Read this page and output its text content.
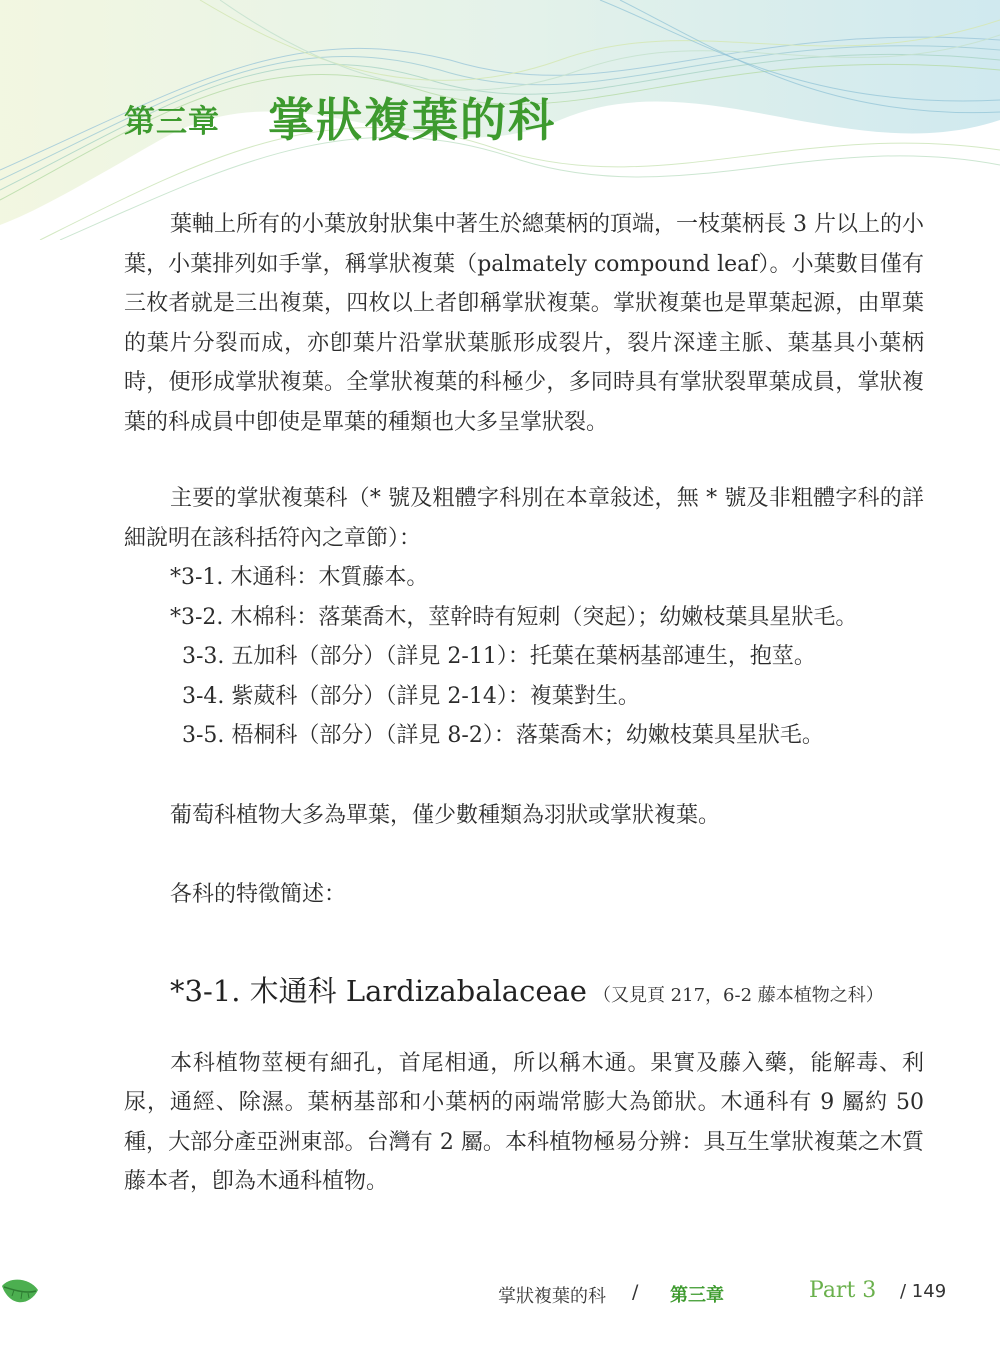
第三章 掌狀複葉的科

葉軸上所有的小葉放射狀集中著生於總葉柄的頂端，一枝葉柄長 3 片以上的小葉，小葉排列如手掌，稱掌狀複葉（palmately compound leaf）。小葉數目僅有三枚者就是三出複葉，四枚以上者卽稱掌狀複葉。掌狀複葉也是單葉起源，由單葉的葉片分裂而成，亦卽葉片沿掌狀葉脈形成裂片，裂片深達主脈、葉基具小葉柄時，便形成掌狀複葉。全掌狀複葉的科極少，多同時具有掌狀裂單葉成員，掌狀複葉的科成員中卽使是單葉的種類也大多呈掌狀裂。

主要的掌狀複葉科（* 號及粗體字科別在本章敍述，無 * 號及非粗體字科的詳細說明在該科括符內之章節）：

*3-1. 木通科：木質藤本。
*3-2. 木棉科：落葉喬木，莖幹時有短刺（突起）；幼嫩枝葉具星狀毛。
3-3. 五加科（部分）（詳見 2-11）：托葉在葉柄基部連生，抱莖。
3-4. 紫葳科（部分）（詳見 2-14）：複葉對生。
3-5. 梧桐科（部分）（詳見 8-2）：落葉喬木；幼嫩枝葉具星狀毛。

葡萄科植物大多為單葉，僅少數種類為羽狀或掌狀複葉。

各科的特徵簡述：

*3-1. 木通科 Lardizabalaceae （又見頁 217，6-2 藤本植物之科）

本科植物莖梗有細孔，首尾相通，所以稱木通。果實及藤入藥，能解毒、利尿，通經、除濕。葉柄基部和小葉柄的兩端常膨大為節狀。木通科有 9 屬約 50 種，大部分產亞洲東部。台灣有 2 屬。本科植物極易分辨：具互生掌狀複葉之木質藤本者，卽為木通科植物。

掌狀複葉的科 / 第三章	Part 3 / 149
